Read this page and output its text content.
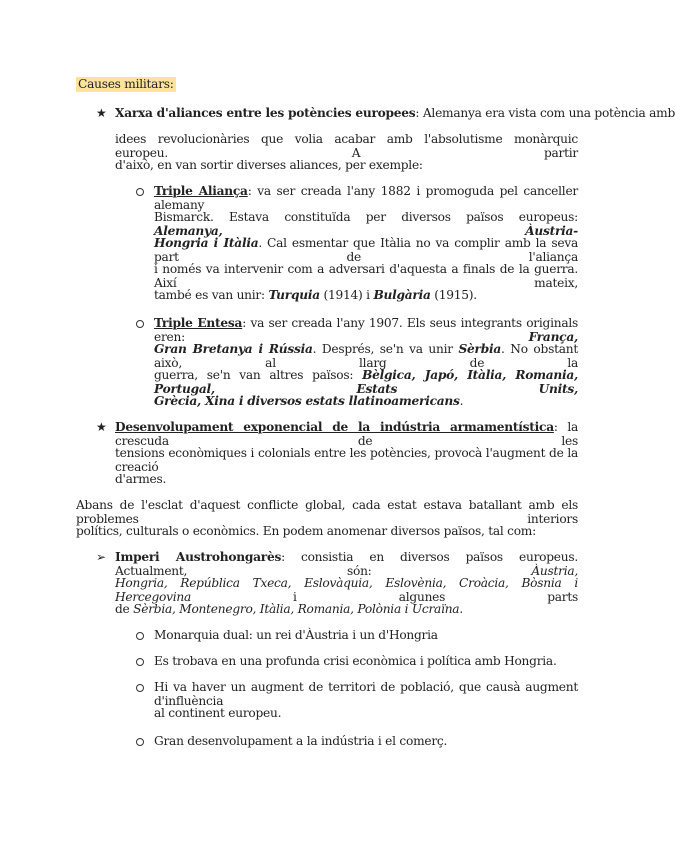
Causes militars:
★ Xarxa d'aliances entre les potències europees: Alemanya era vista com una potència amb
idees revolucionàries que volia acabar amb l'absolutisme monàrquic europeu. A partir
d'això, en van sortir diverses aliances, per exemple:
Triple Aliança: va ser creada l'any 1882 i promoguda pel canceller alemany
Bismarck. Estava constituïda per diversos països europeus: Alemanya, Àustria-
Hongria i Itàlia. Cal esmentar que Itàlia no va complir amb la seva part de l'aliança
i només va intervenir com a adversari d'aquesta a finals de la guerra. Així mateix,
també es van unir: Turquia (1914) i Bulgària (1915).
Triple Entesa: va ser creada l'any 1907. Els seus integrants originals eren: França,
Gran Bretanya i Rússia. Després, se'n va unir Sèrbia. No obstant això, al llarg de la
guerra, se'n van altres països: Bèlgica, Japó, Itàlia, Romania, Portugal, Estats Units,
Grècia, Xina i diversos estats llatinoamericans.
★ Desenvolupament exponencial de la indústria armamentística: la crescuda de les
tensions econòmiques i colonials entre les potències, provocà l'augment de la creació
d'armes.
Abans de l'esclat d'aquest conflicte global, cada estat estava batallant amb els problemes interiors
polítics, culturals o econòmics. En podem anomenar diversos països, tal com:
➢ Imperi Austrohongarès: consistia en diversos països europeus. Actualment, són: Àustria,
Hongria, República Txeca, Eslovàquia, Eslovènia, Croàcia, Bòsnia i Hercegovina i algunes parts
de Sèrbia, Montenegro, Itàlia, Romania, Polònia i Ucraïna.
Monarquia dual: un rei d'Àustria i un d'Hongria
Es trobava en una profunda crisi econòmica i política amb Hongria.
Hi va haver un augment de territori de població, que causà augment d'influència
al continent europeu.
Gran desenvolupament a la indústria i el comerç.
